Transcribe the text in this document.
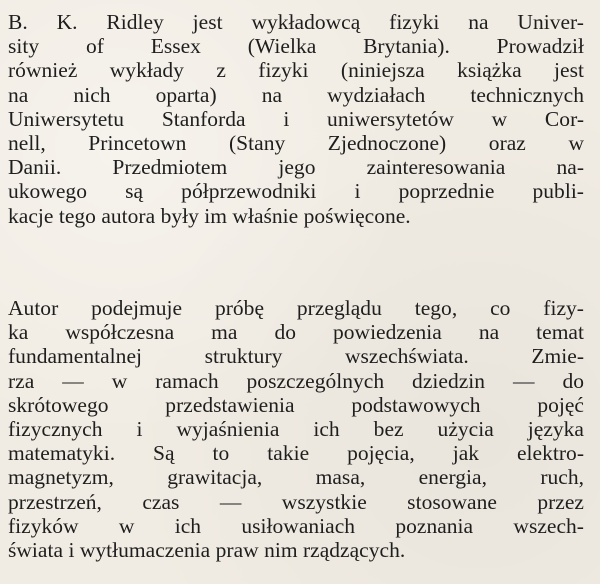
B. K. Ridley jest wykładowcą fizyki na Univer-
sity of Essex (Wielka Brytania). Prowadził
również wykłady z fizyki (niniejsza książka jest
na nich oparta) na wydziałach technicznych
Uniwersytetu Stanforda i uniwersytetów w Cor-
nell, Princetown (Stany Zjednoczone) oraz w
Danii. Przedmiotem jego zainteresowania na-
ukowego są półprzewodniki i poprzednie publi-
kacje tego autora były im właśnie poświęcone.
Autor podejmuje próbę przeglądu tego, co fizy-
ka współczesna ma do powiedzenia na temat
fundamentalnej struktury wszechświata. Zmie-
rza — w ramach poszczególnych dziedzin — do
skrótowego przedstawienia podstawowych pojęć
fizycznych i wyjaśnienia ich bez użycia języka
matematyki. Są to takie pojęcia, jak elektro-
magnetyzm, grawitacja, masa, energia, ruch,
przestrzeń, czas — wszystkie stosowane przez
fizyków w ich usiłowaniach poznania wszech-
świata i wytłumaczenia praw nim rządzących.
